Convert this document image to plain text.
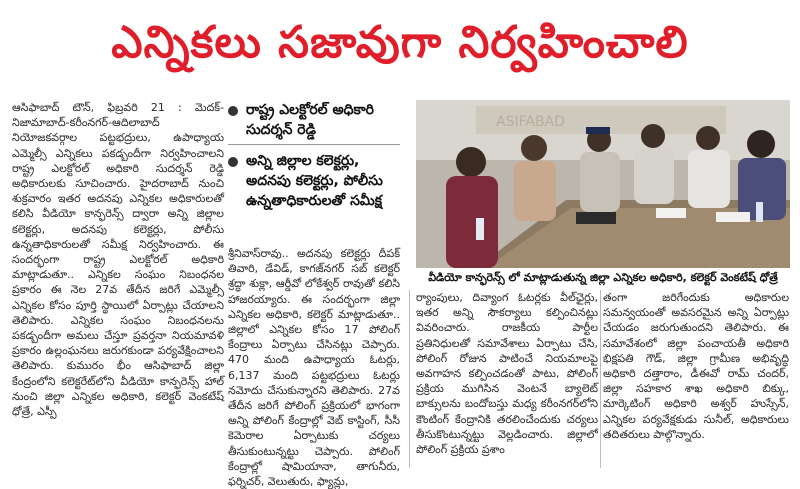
ఎన్నికలు సజావుగా నిర్వహించాలి

ఆసిఫాబాద్ టౌన్, ఫిబ్రవరి 21 : మెదక్-నిజామాబాద్-కరీంనగర్-ఆదిలాబాద్ నియోజకవర్గాల పట్టభద్రులు, ఉపాధ్యాయ ఎమ్మెల్సీ ఎన్నికలు పకడ్బందీగా నిర్వహించాలని రాష్ట్ర ఎలక్టోరల్ అధికారి సుదర్శన్ రెడ్డి అధికారులకు సూచించారు. హైదరాబాద్ నుంచి శుక్రవారం ఇతర అదనపు ఎన్నికల అధికారులతో కలిసి వీడియో కాన్ఫరెన్స్ ద్వారా అన్ని జిల్లాల కలెక్టర్లు, అదనపు కలెక్టర్లు, పోలీసు ఉన్నతాధికారులతో సమీక్ష నిర్వహించారు. ఈ సందర్భంగా రాష్ట్ర ఎలక్టోరల్ అధికారి మాట్లాడుతూ.. ఎన్నికల సంఘం నిబంధనల ప్రకారం ఈ నెల 27వ తేదీన జరిగే ఎమ్మెల్సీ ఎన్నికల కోసం పూర్తి స్థాయిలో ఏర్పాట్లు చేయాలని తెలిపారు. ఎన్నికల సంఘం నిబంధనలను పకడ్బందీగా అమలు చేస్తూ ప్రవర్తనా నియమావళి ప్రకారం ఉల్లంఘనలు జరుగకుండా పర్యవేక్షించాలని తెలిపారు. కుమురం భీం ఆసిఫాబాద్ జిల్లా కేంద్రంలోని కలెక్టరేట్‌లోని వీడియో కాన్ఫరెన్స్ హాల్ నుంచి జిల్లా ఎన్నికల అధికారి, కలెక్టర్ వెంకటేష్ ధోత్రే, ఎస్పీ

రాష్ట్ర ఎలక్టోరల్ అధికారి సుదర్శన్ రెడ్డి
అన్ని జిల్లాల కలెక్టర్లు, అదనపు కలెక్టర్లు, పోలీసు ఉన్నతాధికారులతో సమీక్ష

శ్రీనివాస్‌రావు.. అదనపు కలెక్టర్లు దీపక్ తివారి, డేవిడ్, కాగజ్‌నగర్ సబ్ కలెక్టర్ శ్రద్ధా శుక్లా, ఆర్డీవో లోకేశ్వర్ రావుతో కలిసి హాజరయ్యారు. ఈ సందర్భంగా జిల్లా ఎన్నికల అధికారి, కలెక్టర్ మాట్లాడుతూ.. జిల్లాలో ఎన్నికల కోసం 17 పోలింగ్ కేంద్రాలు ఏర్పాటు చేసినట్లు చెప్పారు. 470 మంది ఉపాధ్యాయ ఓటర్లు, 6,137 మంది పట్టభద్రులు ఓటర్లు నమోదు చేసుకున్నారని తెలిపారు. 27వ తేదీన జరిగే పోలింగ్ ప్రక్రియలో భాగంగా అన్ని పోలింగ్ కేంద్రాల్లో వెబ్ కాస్టింగ్, సీసీ కెమెరాల ఏర్పాటుకు చర్యలు తీసుకుంటున్నట్టు చెప్పారు. పోలింగ్ కేంద్రాల్లో షామియానా, తాగునీరు, ఫర్నిచర్, వెలుతురు, ఫ్యాన్లు,

ASIFABAD
వీడియో కాన్ఫరెన్స్ లో మాట్లాడుతున్న జిల్లా ఎన్నికల అధికారి, కలెక్టర్ వెంకటేష్ ధోత్రే

ర్యాంపులు, దివ్యాంగ ఓటర్లకు వీల్‌ఛైర్లు, ఇతర అన్ని సౌకర్యాలు కల్పించినట్లు వివరించారు. రాజకీయ పార్టీల ప్రతినిధులతో సమావేశాలు ఏర్పాటు చేసి, పోలింగ్ రోజున పాటించే నియమాలపై అవగాహన కల్పించడంతో పాటు, పోలింగ్ ప్రక్రియ ముగిసిన వెంటనే బ్యాలెట్ బాక్సులను బందోబస్తు మధ్య కరీంనగర్‌లోని కౌంటింగ్ కేంద్రానికి తరలించేందుకు చర్యలు తీసుకొంటున్నట్టు వెల్లడించారు. జిల్లాలో పోలింగ్ ప్రక్రియ ప్రశాం

తంగా జరిగేందుకు అధికారుల సమన్వయంతో అవసరమైన అన్ని ఏర్పాట్లు చేయడం జరుగుతుందని తెలిపారు. ఈ సమావేశంలో జిల్లా పంచాయతీ అధికారి భిక్షపతి గౌడ్, జిల్లా గ్రామీణ అభివృద్ధి అధికారి దత్తారాం, డీఈవో రామ్ చందర్, జిల్లా సహకార శాఖ అధికారి బిక్కు, మార్కెటింగ్ అధికారి అశ్వర్ హుస్సేన్, ఎన్నికల పర్యవేక్షకుడు సునీల్, అధికారులు తదితరులు పాల్గొన్నారు.
